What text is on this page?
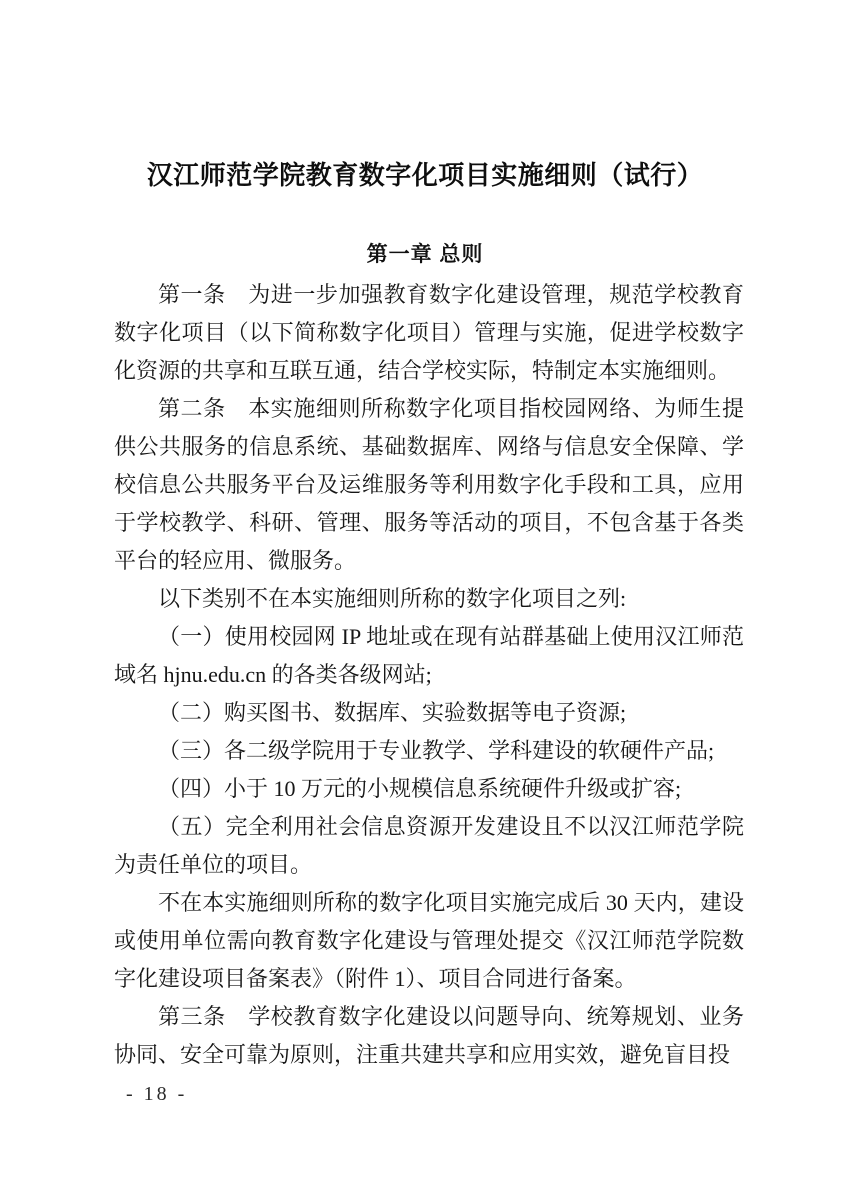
汉江师范学院教育数字化项目实施细则（试行）
第一章 总则

第一条　为进一步加强教育数字化建设管理，规范学校教育数字化项目（以下简称数字化项目）管理与实施，促进学校数字化资源的共享和互联互通，结合学校实际，特制定本实施细则。

第二条　本实施细则所称数字化项目指校园网络、为师生提供公共服务的信息系统、基础数据库、网络与信息安全保障、学校信息公共服务平台及运维服务等利用数字化手段和工具，应用于学校教学、科研、管理、服务等活动的项目，不包含基于各类平台的轻应用、微服务。

以下类别不在本实施细则所称的数字化项目之列:

（一）使用校园网 IP 地址或在现有站群基础上使用汉江师范域名 hjnu.edu.cn 的各类各级网站;

（二）购买图书、数据库、实验数据等电子资源;

（三）各二级学院用于专业教学、学科建设的软硬件产品;

（四）小于 10 万元的小规模信息系统硬件升级或扩容;

（五）完全利用社会信息资源开发建设且不以汉江师范学院为责任单位的项目。

不在本实施细则所称的数字化项目实施完成后 30 天内，建设或使用单位需向教育数字化建设与管理处提交《汉江师范学院数字化建设项目备案表》（附件 1）、项目合同进行备案。

第三条　学校教育数字化建设以问题导向、统筹规划、业务协同、安全可靠为原则，注重共建共享和应用实效，避免盲目投

- 18 -
